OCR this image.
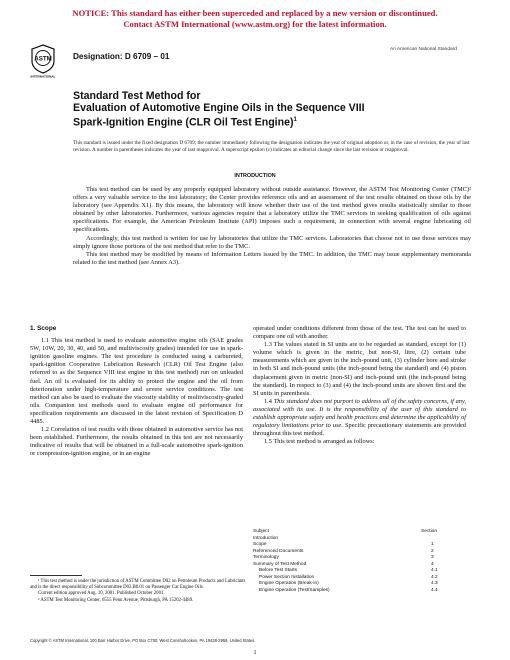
NOTICE: This standard has either been superceded and replaced by a new version or discontinued.
Contact ASTM International (www.astm.org) for the latest information.
ASTM
INTERNATIONAL
Designation: D 6709 – 01
An American National Standard
Standard Test Method for
Evaluation of Automotive Engine Oils in the Sequence VIII
Spark-Ignition Engine (CLR Oil Test Engine)$^1$
This standard is issued under the fixed designation D 6709; the number immediately following the designation indicates the year of original adoption or, in the case of revision, the year of last revision. A number in parentheses indicates the year of last reapproval. A superscript epsilon (ε) indicates an editorial change since the last revision or reapproval.
INTRODUCTION

This test method can be used by any properly equipped laboratory without outside assistance. However, the ASTM Test Monitoring Center (TMC)² offers a very valuable service to the test laboratory; the Center provides reference oils and an assessment of the test results obtained on those oils by the laboratory (see Appendix X1). By this means, the laboratory will know whether their use of the test method gives results statistically similar to those obtained by other laboratories. Furthermore, various agencies require that a laboratory utilize the TMC services in seeking qualification of oils against specifications. For example, the American Petroleum Institute (API) imposes such a requirement, in connection with several engine lubricating oil specifications.

Accordingly, this test method is written for use by laboratories that utilize the TMC services. Laboratories that choose not to use those services may simply ignore those portions of the test method that refer to the TMC.

This test method may be modified by means of Information Letters issued by the TMC. In addition, the TMC may issue supplementary memoranda related to the test method (see Annex A3).

1. Scope

1.1 This test method is used to evaluate automotive engine oils (SAE grades 5W, 10W, 20, 30, 40, and 50, and multiviscosity grades) intended for use in spark-ignition gasoline engines. The test procedure is conducted using a carbureted, spark-ignition Cooperative Lubrication Research (CLR) Oil Test Engine (also referred to as the Sequence VIII test engine in this test method) run on unleaded fuel. An oil is evaluated for its ability to protect the engine and the oil from deterioration under high-temperature and severe service conditions. The test method can also be used to evaluate the viscosity stability of multiviscosity-graded oils. Companion test methods used to evaluate engine oil performance for specification requirements are discussed in the latest revision of Specification D 4485.

1.2 Correlation of test results with those obtained in automotive service has not been established. Furthermore, the results obtained in this test are not necessarily indicative of results that will be obtained in a full-scale automotive spark-ignition or compression-ignition engine, or in an engine

operated under conditions different from those of the test. The test can be used to compare one oil with another.

1.3 The values stated in SI units are to be regarded as standard, except for (1) volume which is given in the metric, but non-SI, litre, (2) certain tube measurements which are given in the inch-pound unit, (3) cylinder bore and stroke in both SI and inch-pound units (the inch-pound being the standard) and (4) piston displacement given in metric (non-SI) and inch-pound unit (the inch-pound being the standard). In respect to (3) and (4) the inch-pound units are shown first and the SI units in parenthesis.

1.4 This standard does not purport to address all of the safety concerns, if any, associated with its use. It is the responsibility of the user of this standard to establish appropriate safety and health practices and determine the applicability of regulatory limitations prior to use. Specific precautionary statements are provided throughout this test method.

1.5 This test method is arranged as follows:

Subject	Section
Introduction
Scope	1
Referenced Documents	2
Terminology	3
Summary of Test Method	4
Before Test Starts	4.1
Power Section Installation	4.2
Engine Operation (Break-in)	4.3
Engine Operation (Test/Samples)	4.4

¹ This test method is under the jurisdiction of ASTM Committee D02 on Petroleum Products and Lubricants and is the direct responsibility of Subcommittee D02.B0.01 on Passenger Car Engine Oils.

Current edition approved Aug. 10, 2001. Published October 2001.

² ASTM Test Monitoring Center, 6555 Penn Avenue, Pittsburgh, PA 15202-4489.

Copyright © ASTM International, 100 Barr Harbor Drive, PO Box C700, West Conshohocken, PA 19428-2959, United States.
1
